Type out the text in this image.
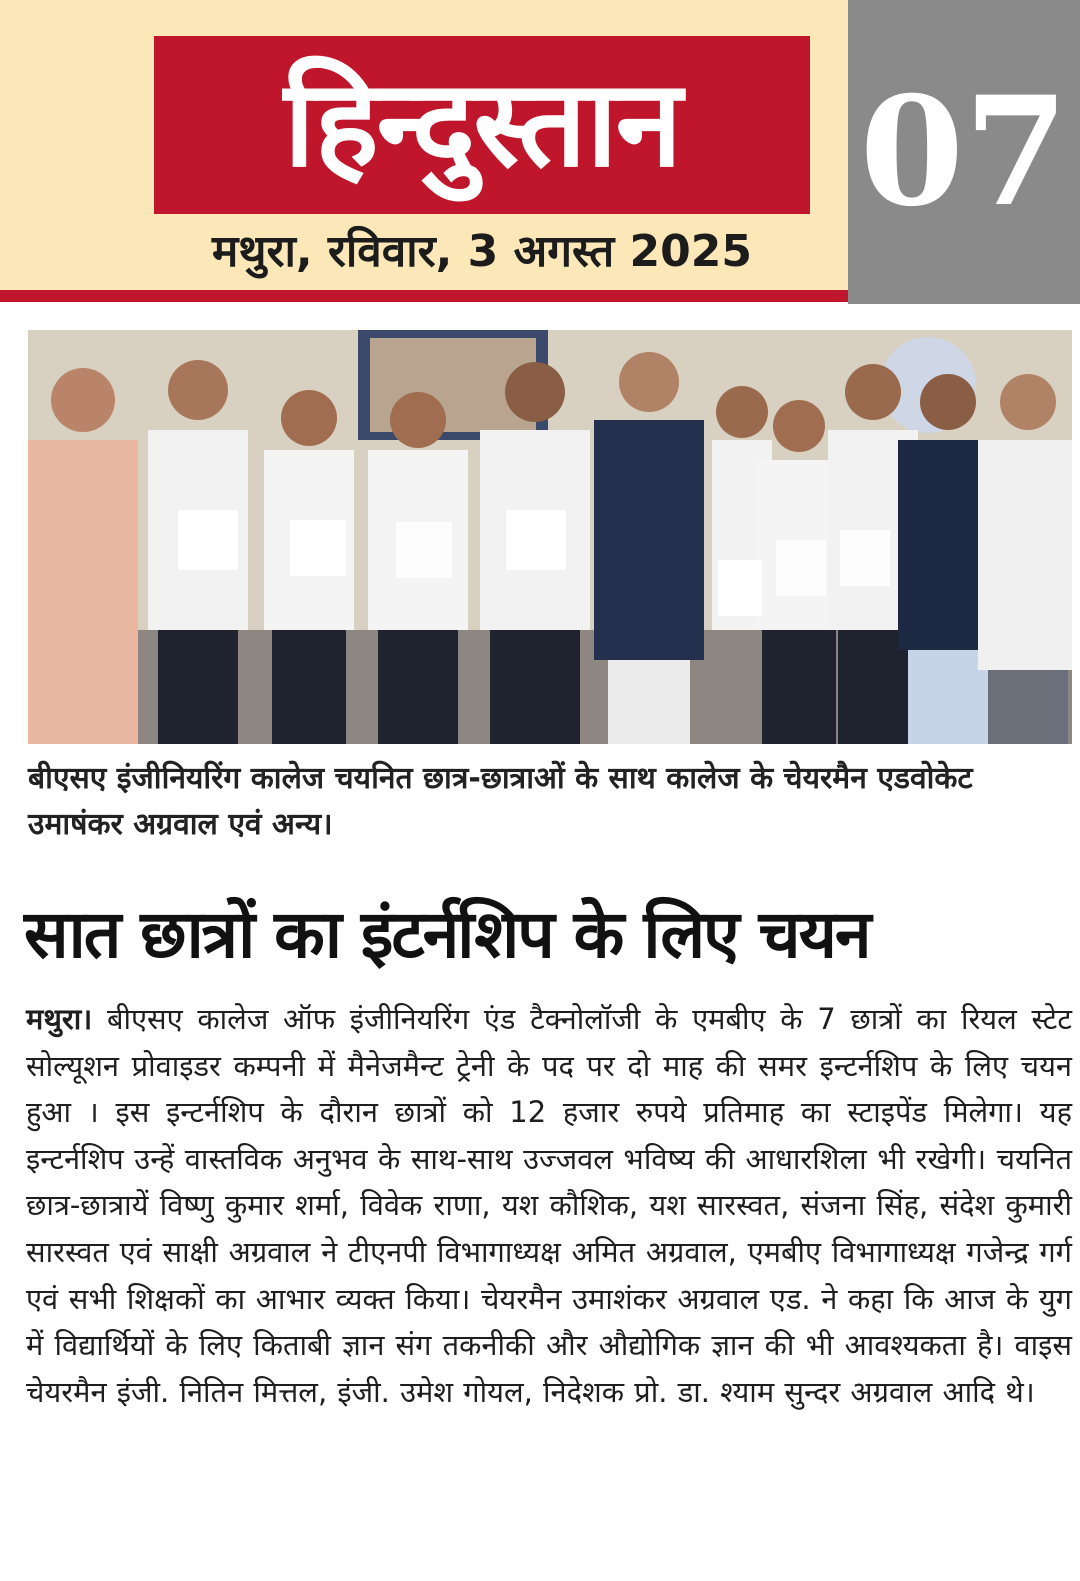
हिन्दुस्तान
मथुरा, रविवार, 3 अगस्त 2025
07
बीएसए इंजीनियरिंग कालेज चयनित छात्र-छात्राओं के साथ कालेज के चेयरमैन एडवोकेट उमाषंकर अग्रवाल एवं अन्य।
सात छात्रों का इंटर्नशिप के लिए चयन
मथुरा। बीएसए कालेज ऑफ इंजीनियरिंग एंड टैक्नोलॉजी के एमबीए के 7 छात्रों का रियल स्टेट सोल्यूशन प्रोवाइडर कम्पनी में मैनेजमैन्ट ट्रेनी के पद पर दो माह की समर इन्टर्नशिप के लिए चयन हुआ । इस इन्टर्नशिप के दौरान छात्रों को 12 हजार रुपये प्रतिमाह का स्टाइपेंड मिलेगा। यह इन्टर्नशिप उन्हें वास्तविक अनुभव के साथ-साथ उज्जवल भविष्य की आधारशिला भी रखेगी। चयनित छात्र-छात्रायें विष्णु कुमार शर्मा, विवेक राणा, यश कौशिक, यश सारस्वत, संजना सिंह, संदेश कुमारी सारस्वत एवं साक्षी अग्रवाल ने टीएनपी विभागाध्यक्ष अमित अग्रवाल, एमबीए विभागाध्यक्ष गजेन्द्र गर्ग एवं सभी शिक्षकों का आभार व्यक्त किया। चेयरमैन उमाशंकर अग्रवाल एड. ने कहा कि आज के युग में विद्यार्थियों के लिए किताबी ज्ञान संग तकनीकी और औद्योगिक ज्ञान की भी आवश्यकता है। वाइस चेयरमैन इंजी. नितिन मित्तल, इंजी. उमेश गोयल, निदेशक प्रो. डा. श्याम सुन्दर अग्रवाल आदि थे।
